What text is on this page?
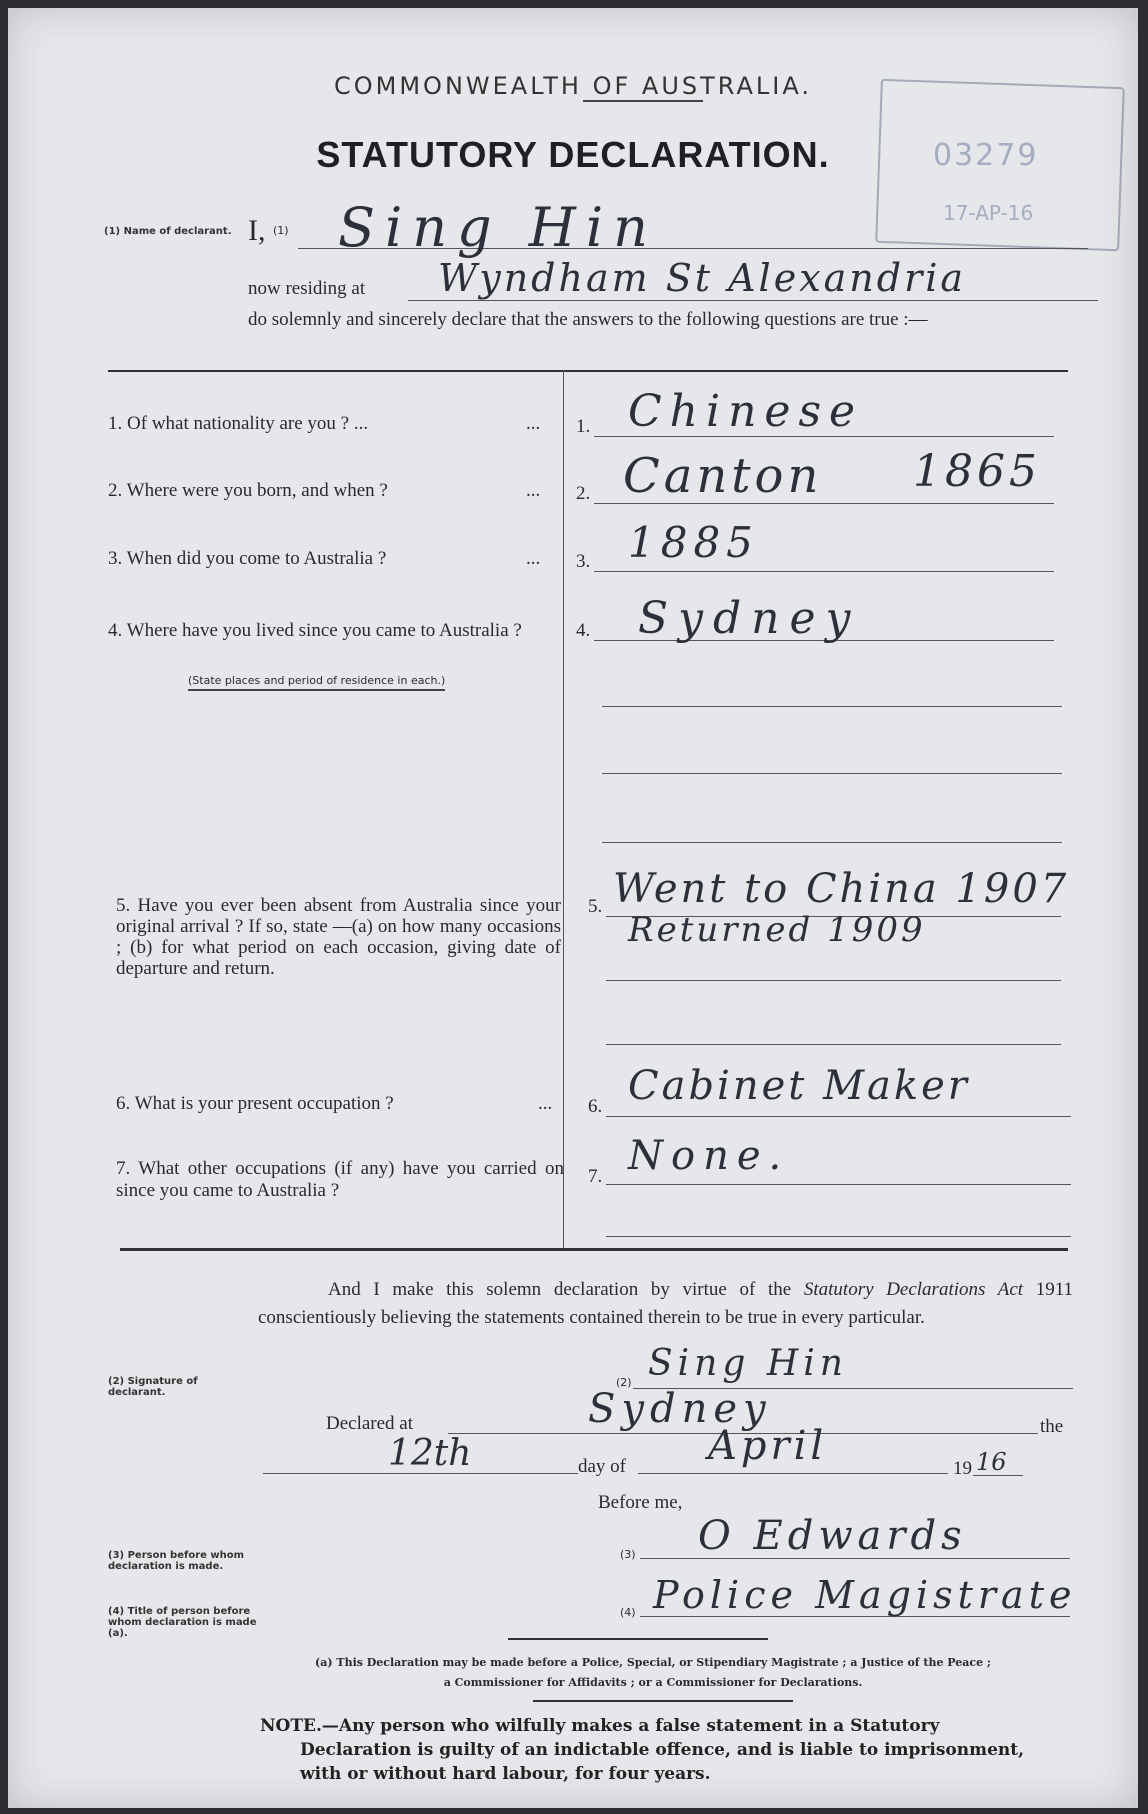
COMMONWEALTH OF AUSTRALIA.
STATUTORY DECLARATION.	03279
17-AP-16
(1) Name of declarant. I, (1) Sing Hin
now residing at Wyndham St Alexandria
do solemnly and sincerely declare that the answers to the following questions are true :—
1. Of what nationality are you ? ...	... 1. Chinese
2. Where were you born, and when ?	... 2. Canton 1865
3. When did you come to Australia ?	... 3. 1885
4. Where have you lived since you came to Australia ?
(State places and period of residence in each.)
4. Sydney
5. Have you ever been absent from Australia since your original arrival ? If so, state —(a) on how many occasions ; (b) for what period on each occasion, giving date of departure and return.
5. Went to China 1907
Returned 1909
6. What is your present occupation ?	... 6. Cabinet Maker
7. What other occupations (if any) have you carried on since you came to Australia ?
7. None.
And I make this solemn declaration by virtue of the Statutory Declarations Act 1911 conscientiously believing the statements contained therein to be true in every particular.
(2) Signature of declarant.
(2) Sing Hin
Declared at	Sydney	the
12th	day of April	19 16
Before me,
(3) Person before whom declaration is made.
(3) O Edwards
(4) Title of person before whom declaration is made (a).
(4) Police Magistrate
(a) This Declaration may be made before a Police, Special, or Stipendiary Magistrate ; a Justice of the Peace ;
a Commissioner for Affidavits ; or a Commissioner for Declarations.
NOTE.—Any person who wilfully makes a false statement in a Statutory
Declaration is guilty of an indictable offence, and is liable to imprisonment,
with or without hard labour, for four years.
